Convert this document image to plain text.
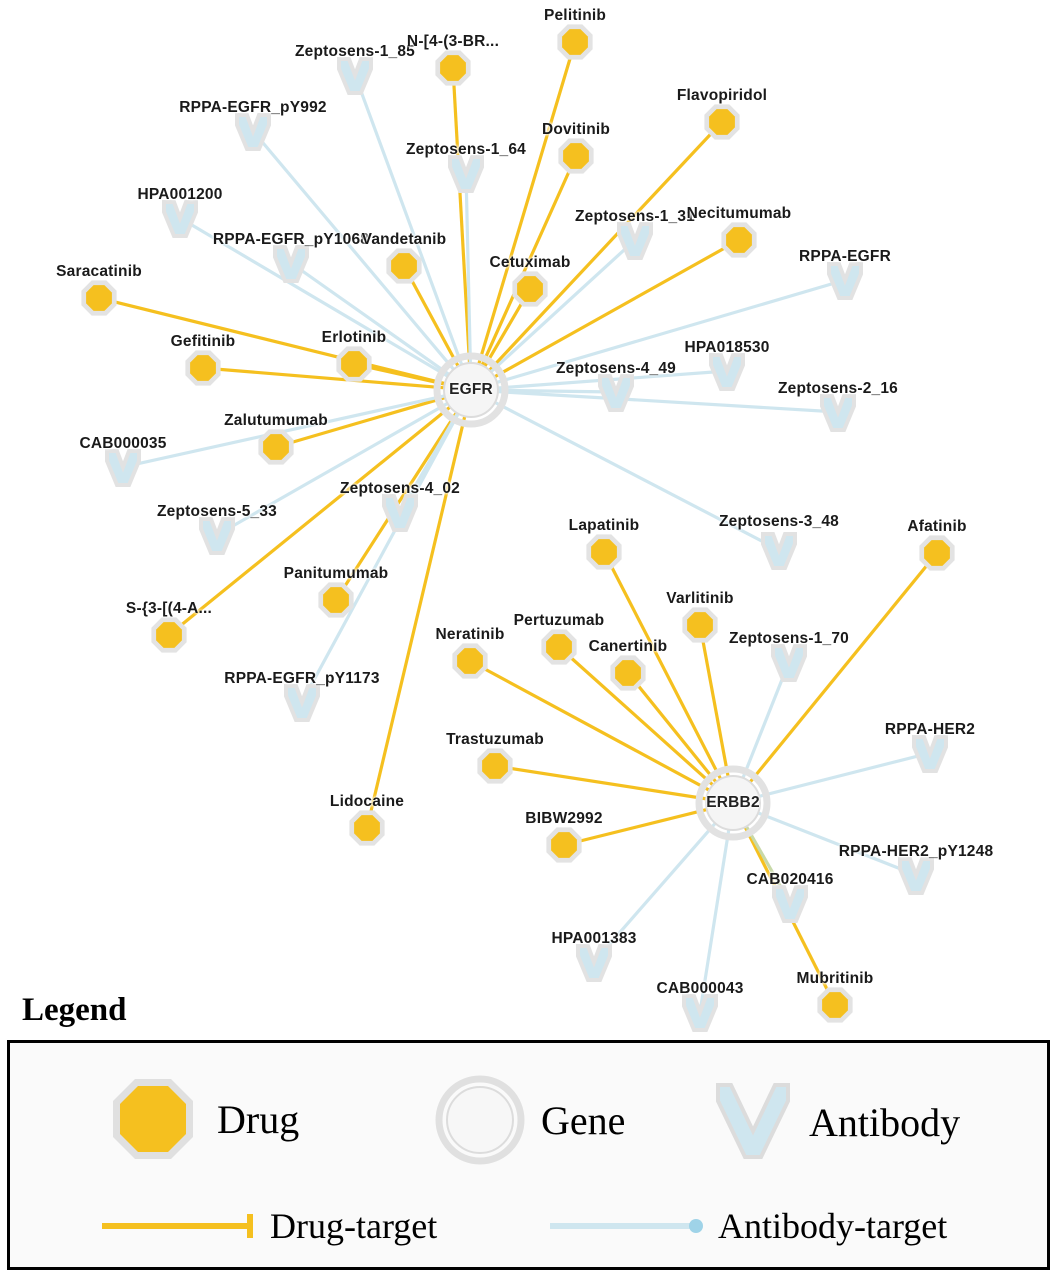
Zeptosens-1_85
RPPA-EGFR_pY992
Zeptosens-1_64
HPA001200
Zeptosens-1_31
RPPA-EGFR_pY1068
RPPA-EGFR
HPA018530
Zeptosens-4_49
Zeptosens-2_16
CAB000035
Zeptosens-4_02
Zeptosens-5_33
Zeptosens-3_48
Zeptosens-1_70
RPPA-EGFR_pY1173
RPPA-HER2
RPPA-HER2_pY1248
CAB020416
HPA001383
CAB000043
Pelitinib
N-[4-(3-BR...
Flavopiridol
Dovitinib
Necitumumab
Vandetanib
Cetuximab
Saracatinib
Gefitinib	Erlotinib
Zalutumumab
Afatinib
Lapatinib
Varlitinib
Panitumumab
S-{3-[(4-A...
Pertuzumab
Neratinib
Canertinib
Trastuzumab
Lidocaine
BIBW2992
Mubritinib
EGFR
ERBB2
Legend
Drug	Gene	Antibody
Drug-target	Antibody-target
